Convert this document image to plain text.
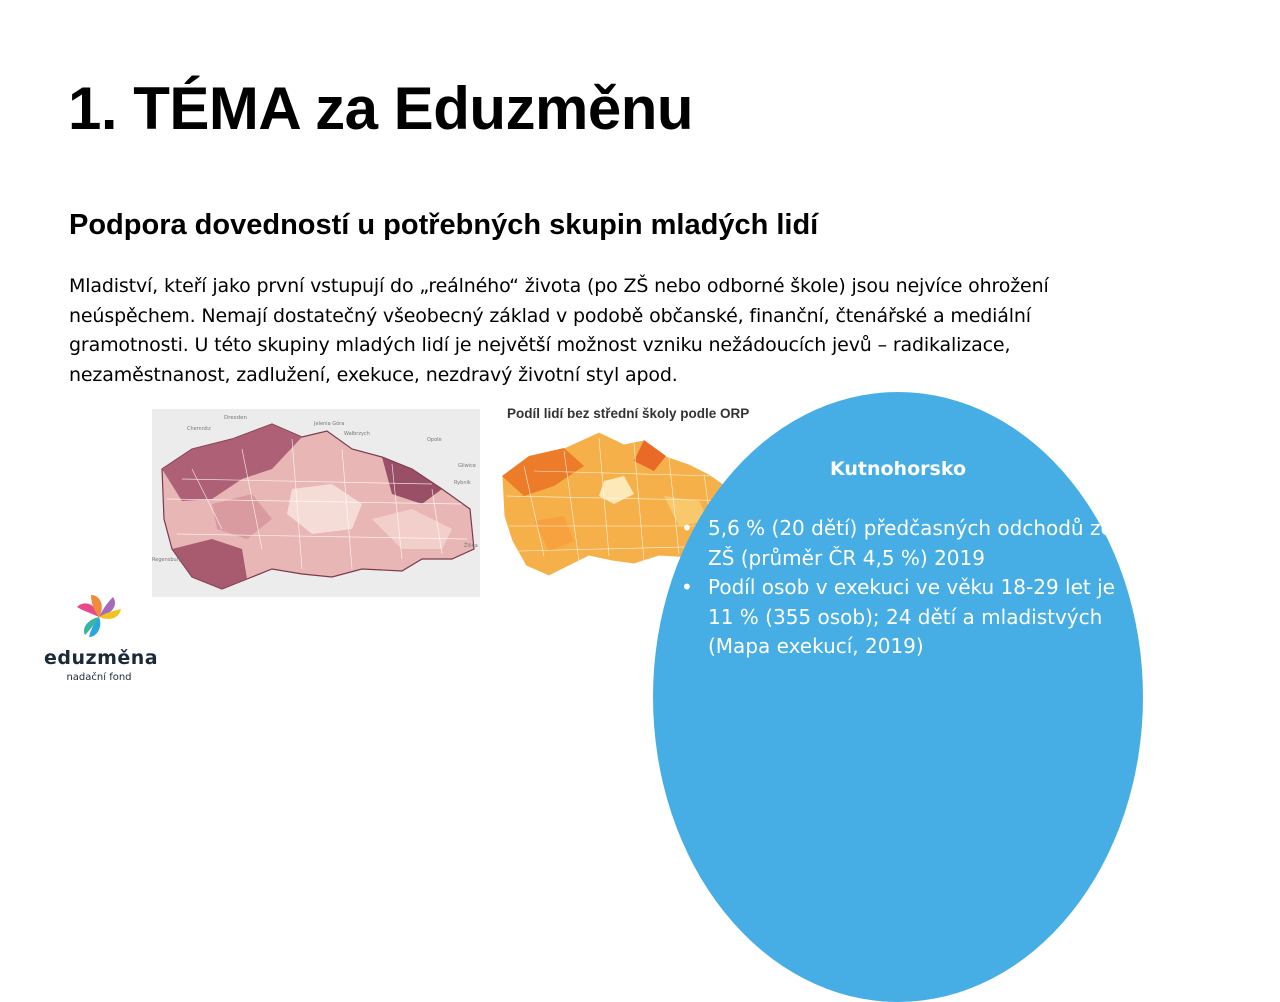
1. TÉMA za Eduzměnu
Podpora dovedností u potřebných skupin mladých lidí

Mladiství, kteří jako první vstupují do „reálného“ života (po ZŠ nebo odborné škole) jsou nejvíce ohrožení neúspěchem. Nemají dostatečný všeobecný základ v podobě občanské, finanční, čtenářské a mediální gramotnosti. U této skupiny mladých lidí je největší možnost vzniku nežádoucích jevů – radikalizace, nezaměstnanost, zadlužení, exekuce, nezdravý životní styl apod.

Dresden
Chemnitz
Jelenia Góra
Wałbrzych
Opole
Gliwice
Rybnik
Žilina
Regensburg
Podíl lidí bez střední školy podle ORP
Kutnohorsko
• 5,6 % (20 dětí) předčasných odchodů ze ZŠ (průměr ČR 4,5 %) 2019
• Podíl osob v exekuci ve věku 18-29 let je 11 % (355 osob); 24 dětí a mladistvých (Mapa exekucí, 2019)
eduzměna
nadační fond
